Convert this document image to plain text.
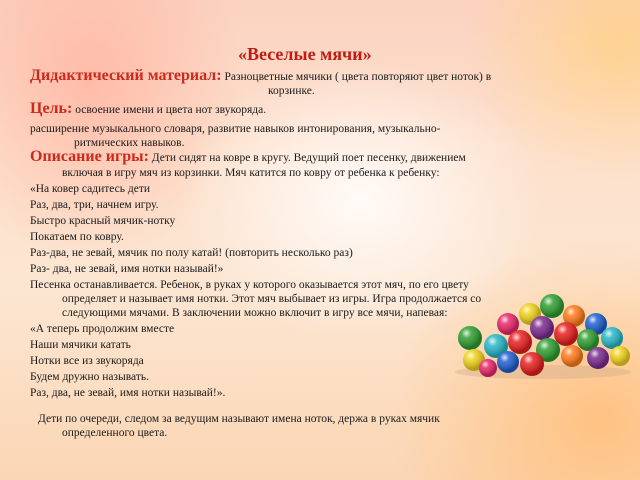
«Веселые мячи»
Дидактический материал: Разноцветные мячики ( цвета повторяют цвет ноток) в
корзинке.
Цель: освоение имени и цвета нот звукоряда.
расширение музыкального словаря, развитие навыков интонирования, музыкально-
ритмических навыков.
Описание игры: Дети сидят на ковре в кругу. Ведущий поет песенку, движением
включая в игру мяч из корзинки. Мяч катится по ковру от ребенка к ребенку:
«На ковер садитесь дети
Раз, два, три, начнем игру.
Быстро красный мячик-нотку
Покатаем по ковру.
Раз-два, не зевай, мячик по полу катай! (повторить несколько раз)
Раз- два, не зевай, имя нотки называй!»
Песенка останавливается. Ребенок, в руках у которого оказывается этот мяч, по его цвету
определяет и называет имя нотки. Этот мяч выбывает из игры. Игра продолжается со
следующими мячами. В заключении можно включит в игру все мячи, напевая:
«А теперь продолжим вместе
Наши мячики катать
Нотки все из звукоряда
Будем дружно называть.
Раз, два, не зевай, имя нотки называй!».
Дети по очереди, следом за ведущим называют имена ноток, держа в руках мячик
определенного цвета.
